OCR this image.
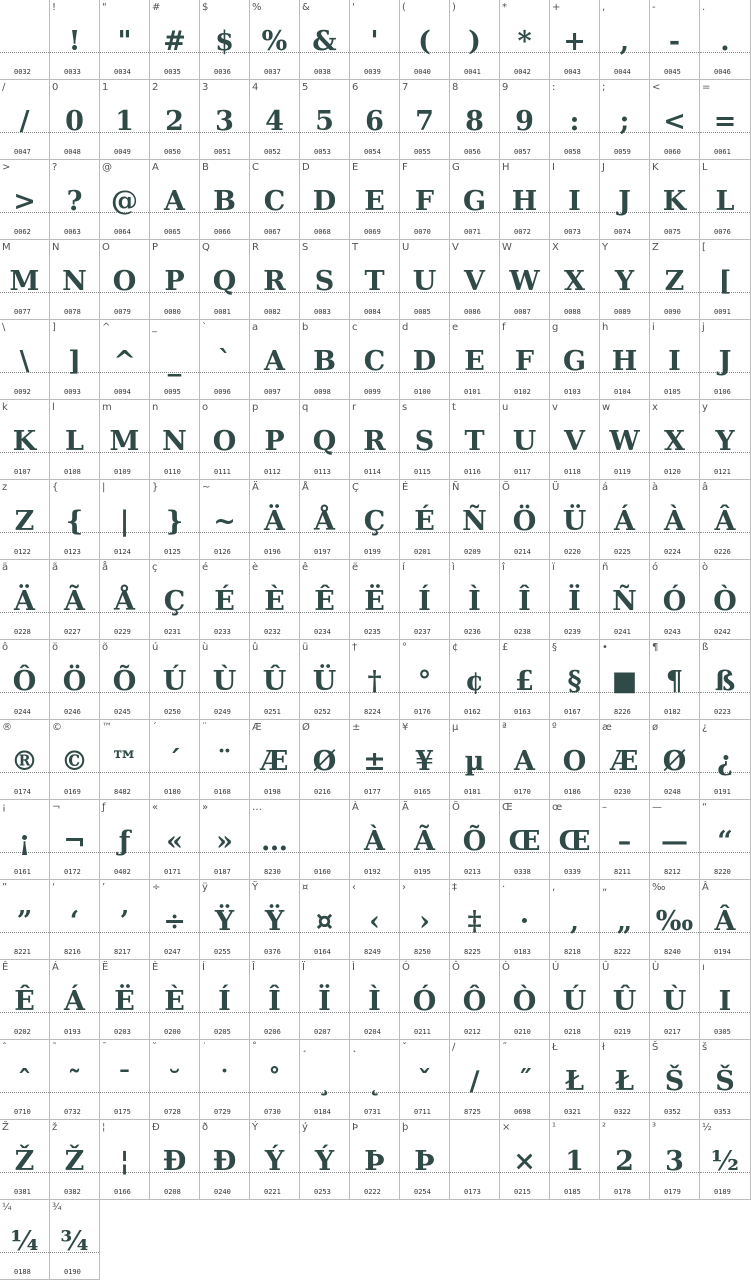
0032
!
!
0033
"
"
0034
#
#
0035
$
$
0036
%
%
0037
&
&
0038
'
'
0039
(
(
0040
)
)
0041
*
*
0042
+
+
0043
,
,
0044
-
-
0045
.
.
0046
/
/
0047
0
0
0048
1
1
0049
2
2
0050
3
3
0051
4
4
0052
5
5
0053
6
6
0054
7
7
0055
8
8
0056
9
9
0057
:
:
0058
;
;
0059
<
<
0060
=
=
0061
>
>
0062
?
?
0063
@
@
0064
A
A
0065
B
B
0066
C
C
0067
D
D
0068
E
E
0069
F
F
0070
G
G
0071
H
H
0072
I
I
0073
J
J
0074
K
K
0075
L
L
0076
M
M
0077
N
N
0078
O
O
0079
P
P
0080
Q
Q
0081
R
R
0082
S
S
0083
T
T
0084
U
U
0085
V
V
0086
W
W
0087
X
X
0088
Y
Y
0089
Z
Z
0090
[
[
0091
\
\
0092
]
]
0093
^
^
0094
_
_
0095
`
`
0096
a
A
0097
b
B
0098
c
C
0099
d
D
0100
e
E
0101
f
F
0102
g
G
0103
h
H
0104
i
I
0105
j
J
0106
k
K
0107
l
L
0108
m
M
0109
n
N
0110
o
O
0111
p
P
0112
q
Q
0113
r
R
0114
s
S
0115
t
T
0116
u
U
0117
v
V
0118
w
W
0119
x
X
0120
y
Y
0121
z
Z
0122
{
{
0123
|
|
0124
}
}
0125
~
~
0126
Ä
Ä
0196
Å
Å
0197
Ç
Ç
0199
É
É
0201
Ñ
Ñ
0209
Ö
Ö
0214
Ü
Ü
0220
á
Á
0225
à
À
0224
â
Â
0226
ä
Ä
0228
ã
Ã
0227
å
Å
0229
ç
Ç
0231
é
É
0233
è
È
0232
ê
Ê
0234
ë
Ë
0235
í
Í
0237
ì
Ì
0236
î
Î
0238
ï
Ï
0239
ñ
Ñ
0241
ó
Ó
0243
ò
Ò
0242
ô
Ô
0244
ö
Ö
0246
õ
Õ
0245
ú
Ú
0250
ù
Ù
0249
û
Û
0251
ü
Ü
0252
†
†
8224
°
°
0176
¢
¢
0162
£
£
0163
§
§
0167
•
■
8226
¶
¶
0182
ß
ß
0223
®
®
0174
©
©
0169
™
™
8482
´
´
0180
¨
¨
0168
Æ
Æ
0198
Ø
Ø
0216
±
±
0177
¥
¥
0165
µ
µ
0181
ª
A
0170
º
O
0186
æ
Æ
0230
ø
Ø
0248
¿
¿
0191
¡
¡
0161
¬
¬
0172
ƒ
ƒ
0402
«
«
0171
»
»
0187
…
…
8230	0160
À
À
0192
Ã
Ã
0195
Õ
Õ
0213
Œ
Œ
0338
œ
Œ
0339
–
–
8211
—
—
8212
“
“
8220
”
”
8221
‘
‘
8216
’
’
8217
÷
÷
0247
ÿ
Ÿ
0255
Ÿ
Ÿ
0376
¤
¤
0164
‹
‹
8249
›
›
8250
‡
‡
8225
·
·
0183
‚
‚
8218
„
„
8222
‰
‰
8240
Â
Â
0194
Ê
Ê
0202
Á
Á
0193
Ë
Ë
0203
È
È
0200
Í
Í
0205
Î
Î
0206
Ï
Ï
0207
Ì
Ì
0204
Ó
Ó
0211
Ô
Ô
0212
Ò
Ò
0210
Ú
Ú
0218
Û
Û
0219
Ù
Ù
0217
ı
I
0305
ˆ
ˆ
0710
˜
˜
0732
¯
¯
0175
˘
˘
0728
˙
˙
0729
˚
˚
0730
¸
¸
0184
˛
˛
0731
ˇ
ˇ
0711
∕
∕
8725
˝
˝
0698
Ł
Ł
0321
ł
Ł
0322
Š
Š
0352
š
Š
0353
Ž
Ž
0381
ž
Ž
0382
¦
¦
0166
Đ
Đ
0208
ð
Đ
0240
Ý
Ý
0221
ý
Ý
0253
Þ
Þ
0222
þ
Þ
0254	0173
×
×
0215
¹
1
0185
²
2
0178
³
3
0179
½
½
0189
¼
¼
0188
¾
¾
0190
